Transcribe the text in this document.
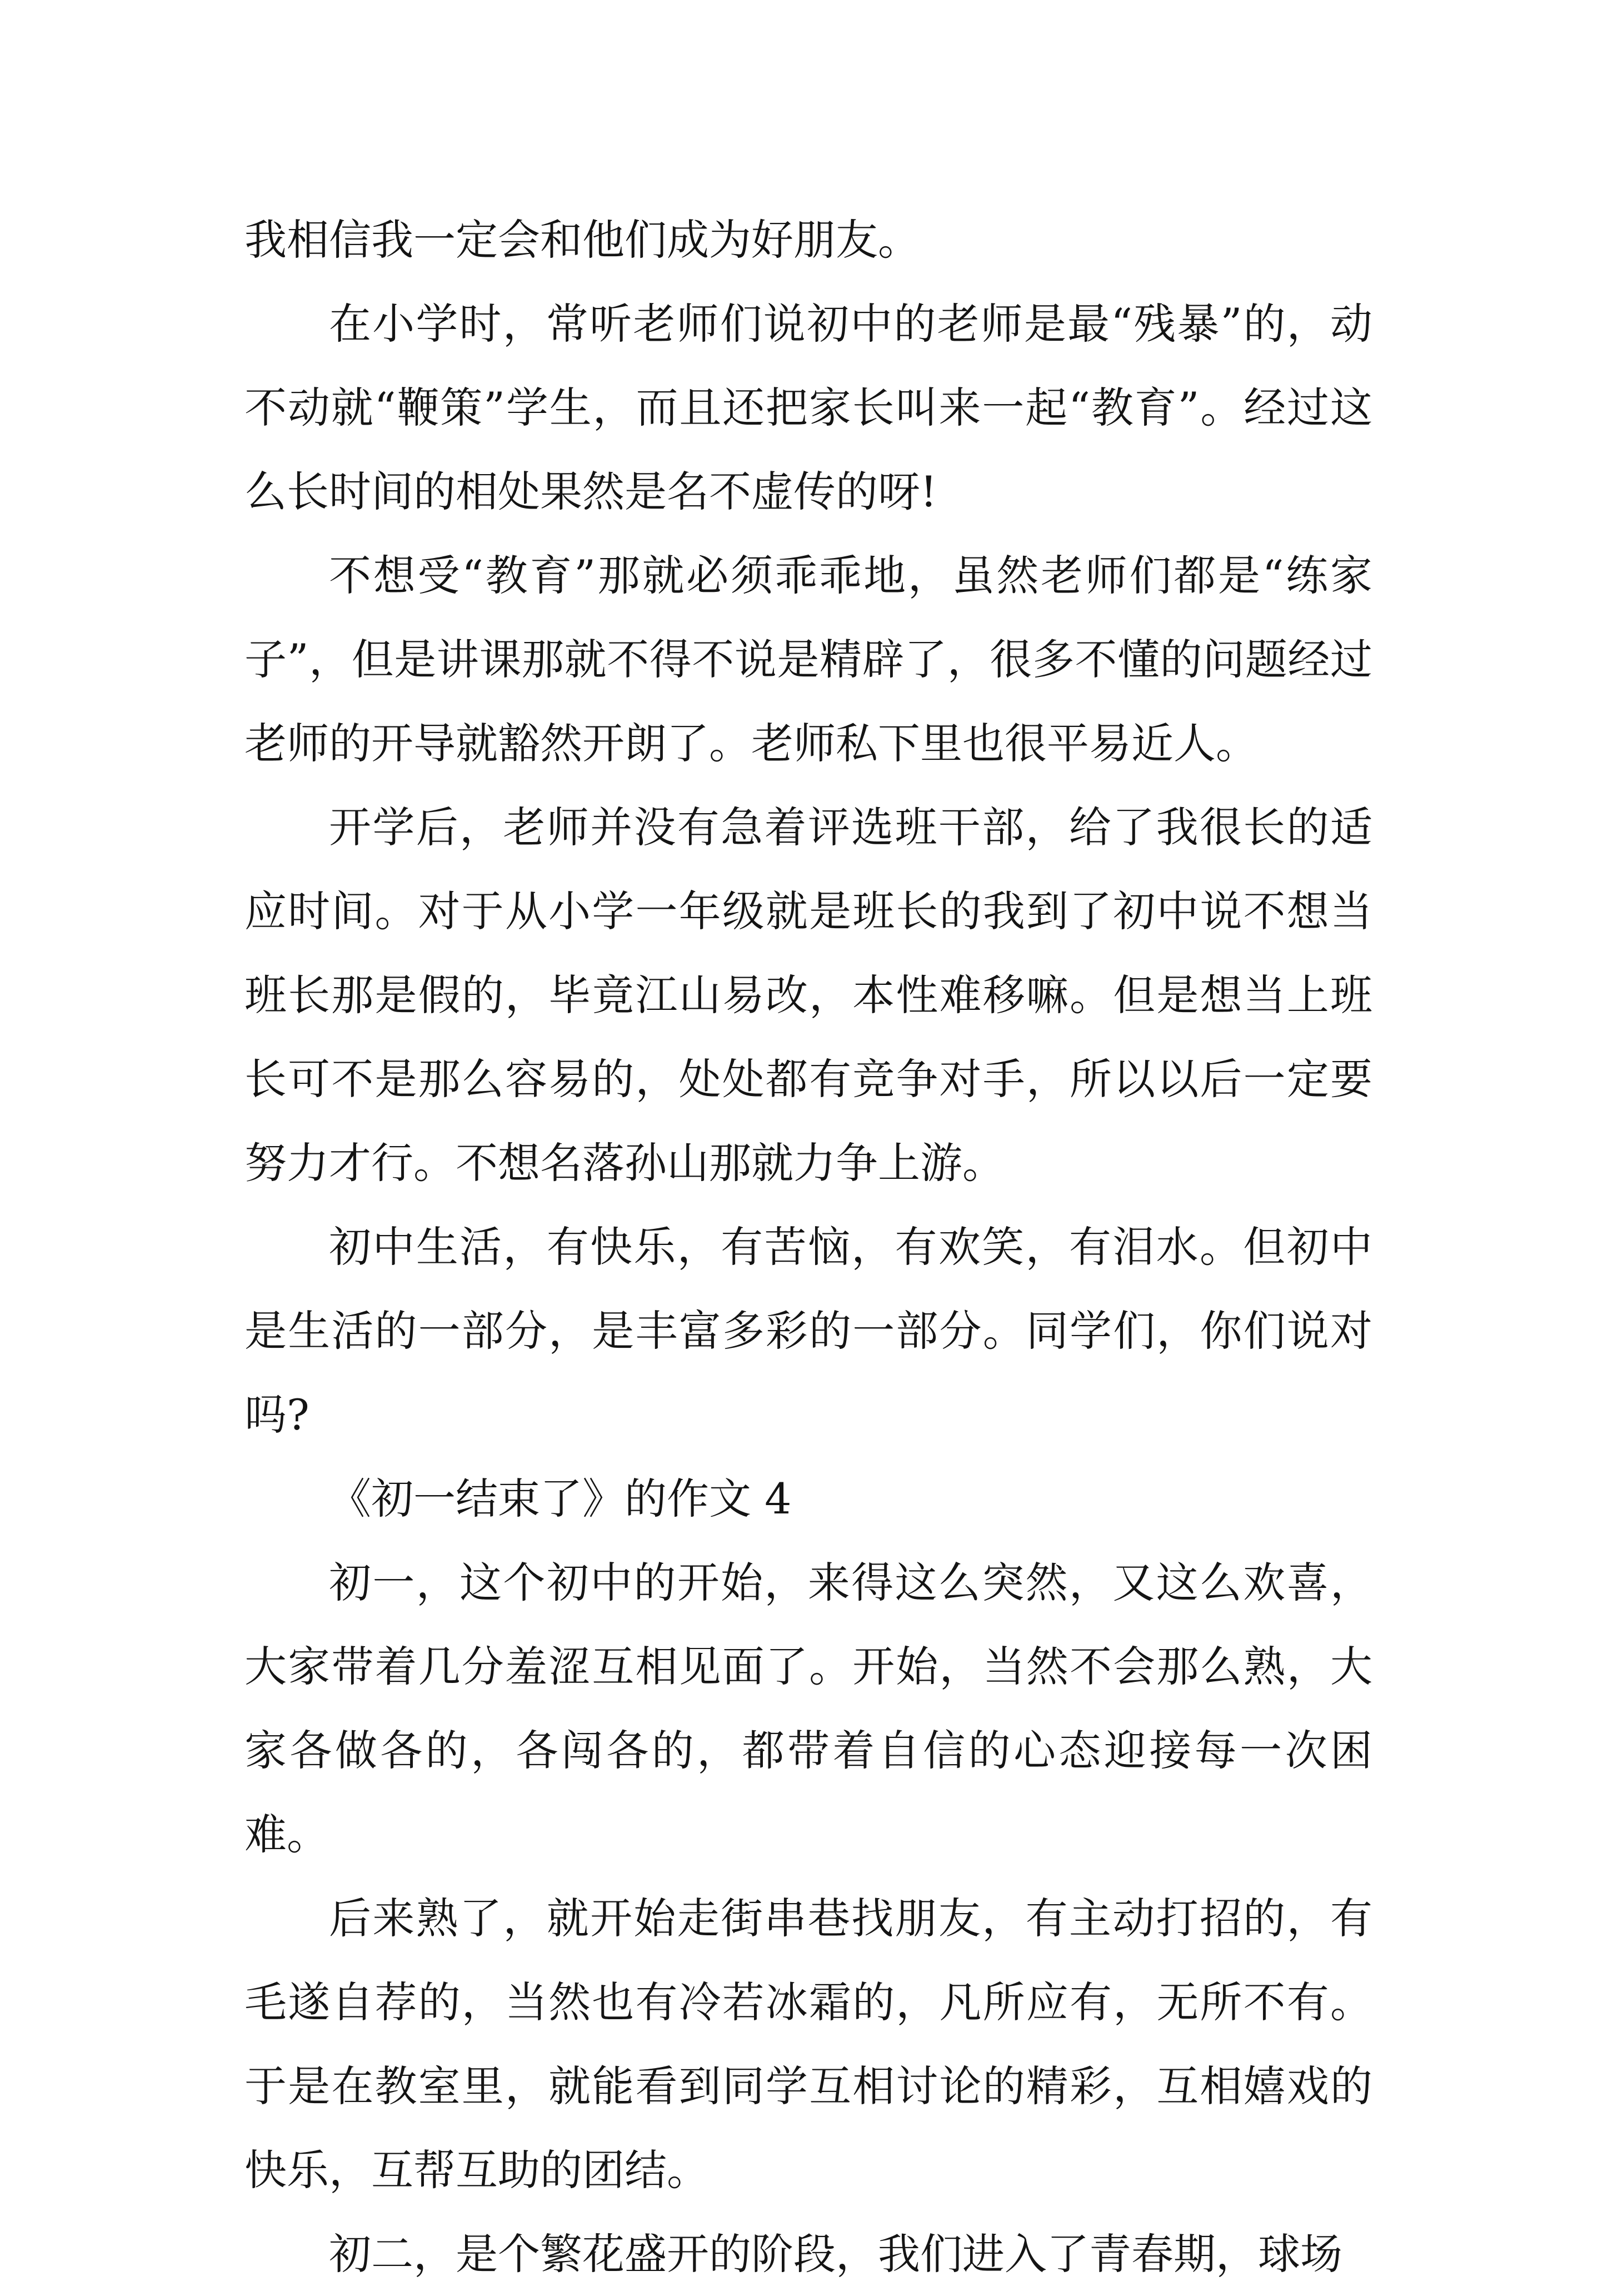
我相信我一定会和他们成为好朋友。

在小学时，常听老师们说初中的老师是最“残暴”的，动不动就“鞭策”学生，而且还把家长叫来一起“教育”。经过这么长时间的相处果然是名不虚传的呀!

不想受“教育”那就必须乖乖地，虽然老师们都是“练家子”，但是讲课那就不得不说是精辟了，很多不懂的问题经过老师的开导就豁然开朗了。老师私下里也很平易近人。

开学后，老师并没有急着评选班干部，给了我很长的适应时间。对于从小学一年级就是班长的我到了初中说不想当班长那是假的，毕竟江山易改，本性难移嘛。但是想当上班长可不是那么容易的，处处都有竞争对手，所以以后一定要努力才行。不想名落孙山那就力争上游。

初中生活，有快乐，有苦恼，有欢笑，有泪水。但初中是生活的一部分，是丰富多彩的一部分。同学们，你们说对吗?

《初一结束了》的作文 4

初一，这个初中的开始，来得这么突然，又这么欢喜，大家带着几分羞涩互相见面了。开始，当然不会那么熟，大家各做各的，各闯各的，都带着自信的心态迎接每一次困难。

后来熟了，就开始走街串巷找朋友，有主动打招的，有毛遂自荐的，当然也有冷若冰霜的，凡所应有，无所不有。于是在教室里，就能看到同学互相讨论的精彩，互相嬉戏的快乐，互帮互助的团结。

初二，是个繁花盛开的阶段，我们进入了青春期，球场
